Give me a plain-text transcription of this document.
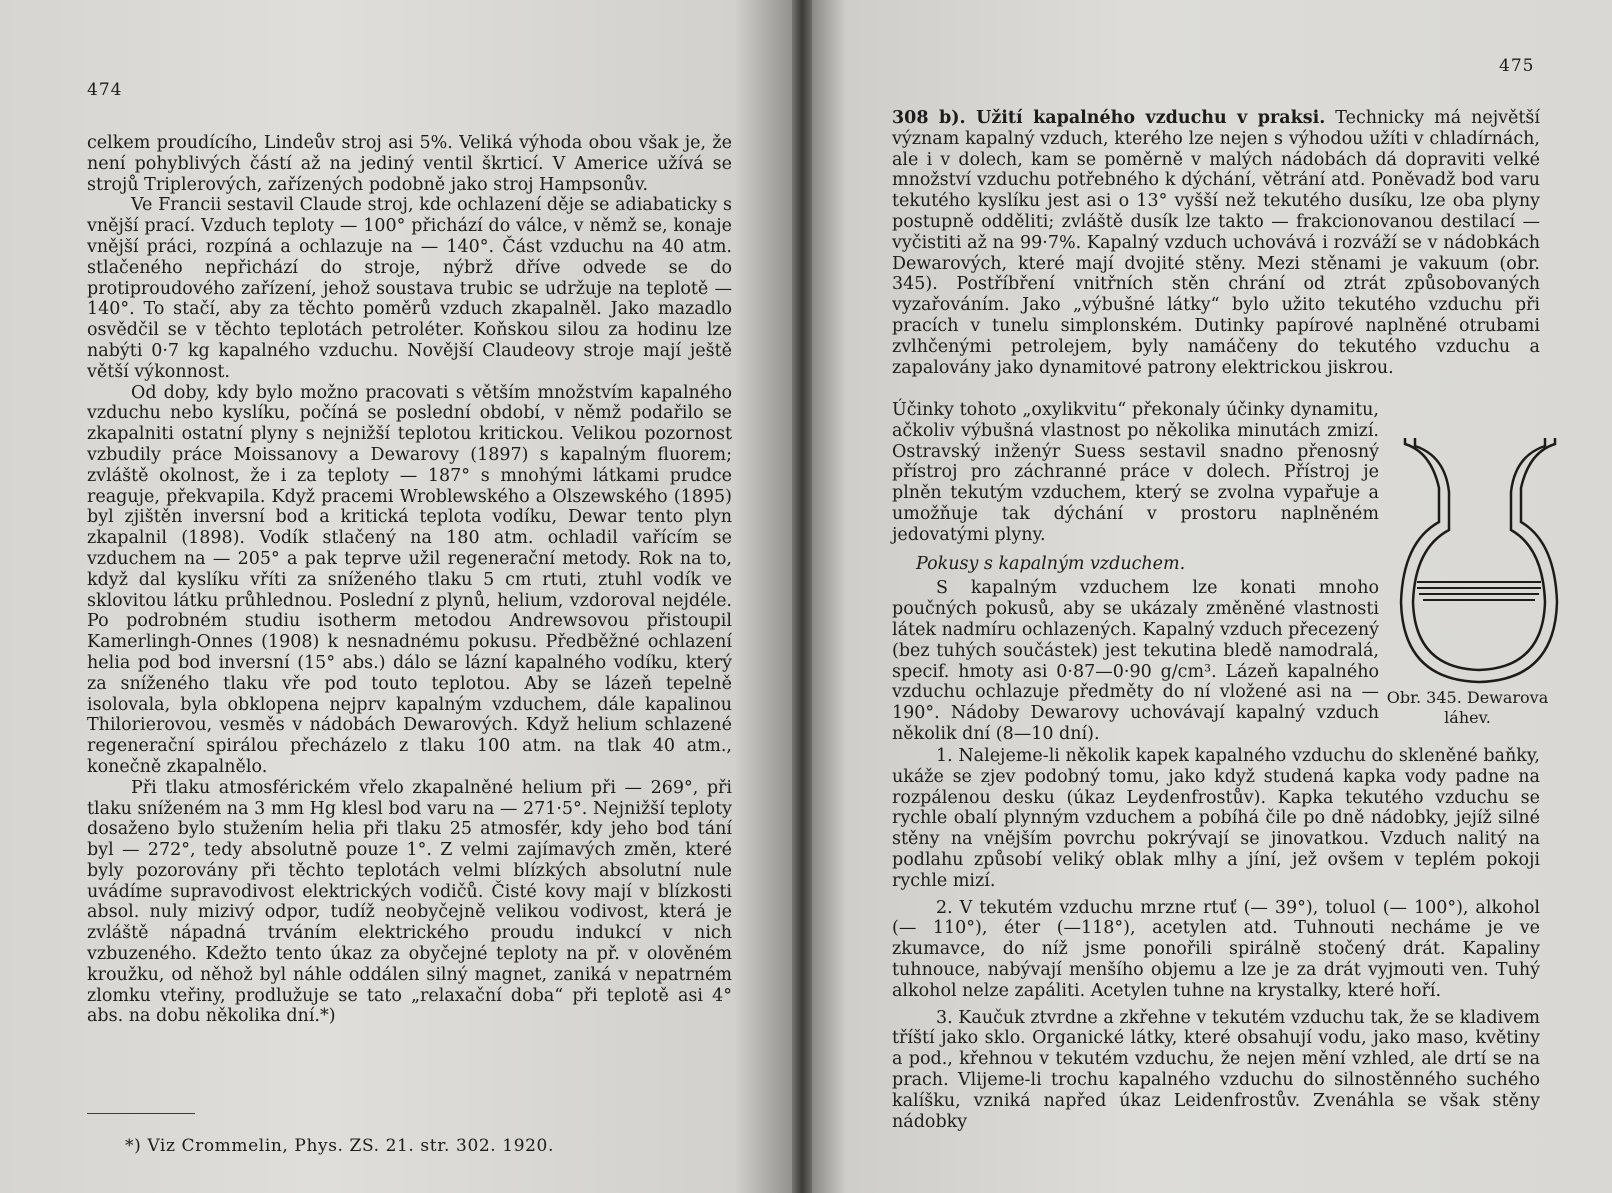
474

celkem proudícího, Lindeův stroj asi 5%. Veliká výhoda obou však je, že není pohyblivých částí až na jediný ventil škrticí. V Americe užívá se strojů Triplerových, zařízených podobně jako stroj Hampsonův.

Ve Francii sestavil Claude stroj, kde ochlazení děje se adiabaticky s vnější prací. Vzduch teploty — 100° přichází do válce, v němž se, konaje vnější práci, rozpíná a ochlazuje na — 140°. Část vzduchu na 40 atm. stlačeného nepřichází do stroje, nýbrž dříve odvede se do protiproudového zařízení, jehož soustava trubic se udržuje na teplotě — 140°. To stačí, aby za těchto poměrů vzduch zkapalněl. Jako mazadlo osvědčil se v těchto teplotách petroléter. Koňskou silou za hodinu lze nabýti 0·7 kg kapalného vzduchu. Novější Claudeovy stroje mají ještě větší výkonnost.

Od doby, kdy bylo možno pracovati s větším množstvím kapalného vzduchu nebo kyslíku, počíná se poslední období, v němž podařilo se zkapalniti ostatní plyny s nejnižší teplotou kritickou. Velikou pozornost vzbudily práce Moissanovy a Dewarovy (1897) s kapalným fluorem; zvláště okolnost, že i za teploty — 187° s mnohými látkami prudce reaguje, překvapila. Když pracemi Wroblewského a Olszewského (1895) byl zjištěn inversní bod a kritická teplota vodíku, Dewar tento plyn zkapalnil (1898). Vodík stlačený na 180 atm. ochladil vařícím se vzduchem na — 205° a pak teprve užil regenerační metody. Rok na to, když dal kyslíku vříti za sníženého tlaku 5 cm rtuti, ztuhl vodík ve sklovitou látku průhlednou. Poslední z plynů, helium, vzdoroval nejdéle. Po podrobném studiu isotherm metodou Andrewsovou přistoupil Kamerlingh-Onnes (1908) k nesnadnému pokusu. Předběžné ochlazení helia pod bod inversní (15° abs.) dálo se lázní kapalného vodíku, který za sníženého tlaku vře pod touto teplotou. Aby se lázeň tepelně isolovala, byla obklopena nejprv kapalným vzduchem, dále kapalinou Thilorierovou, vesměs v nádobách Dewarových. Když helium schlazené regenerační spirálou přecházelo z tlaku 100 atm. na tlak 40 atm., konečně zkapalnělo.

Při tlaku atmosférickém vřelo zkapalněné helium při — 269°, při tlaku sníženém na 3 mm Hg klesl bod varu na — 271·5°. Nejnižší teploty dosaženo bylo stužením helia při tlaku 25 atmosfér, kdy jeho bod tání byl — 272°, tedy absolutně pouze 1°. Z velmi zajímavých změn, které byly pozorovány při těchto teplotách velmi blízkých absolutní nule uvádíme supravodivost elektrických vodičů. Čisté kovy mají v blízkosti absol. nuly mizivý odpor, tudíž neobyčejně velikou vodivost, která je zvláště nápadná trváním elektrického proudu indukcí v nich vzbuzeného. Kdežto tento úkaz za obyčejné teploty na př. v olověném kroužku, od něhož byl náhle oddálen silný magnet, zaniká v nepatrném zlomku vteřiny, prodlužuje se tato „relaxační doba“ při teplotě asi 4° abs. na dobu několika dní.*)

*) Viz Crommelin, Phys. ZS. 21. str. 302. 1920.
475

308 b). Užití kapalného vzduchu v praksi. Technicky má největší význam kapalný vzduch, kterého lze nejen s výhodou užíti v chladírnách, ale i v dolech, kam se poměrně v malých nádobách dá dopraviti velké množství vzduchu potřebného k dýchání, větrání atd. Poněvadž bod varu tekutého kyslíku jest asi o 13° vyšší než tekutého dusíku, lze oba plyny postupně odděliti; zvláště dusík lze takto — frakcionovanou destilací — vyčistiti až na 99·7%. Kapalný vzduch uchovává i rozváží se v nádobkách Dewarových, které mají dvojité stěny. Mezi stěnami je vakuum (obr. 345). Postříbření vnitřních stěn chrání od ztrát způsobovaných vyzařováním. Jako „výbušné látky“ bylo užito tekutého vzduchu při pracích v tunelu simplonském. Dutinky papírové naplněné otrubami zvlhčenými petrolejem, byly namáčeny do tekutého vzduchu a zapalovány jako dynamitové patrony elektrickou jiskrou.

Účinky tohoto „oxylikvitu“ překonaly účinky dynamitu, ačkoliv výbušná vlastnost po několika minutách zmizí. Ostravský inženýr Suess sestavil snadno přenosný přístroj pro záchranné práce v dolech. Přístroj je plněn tekutým vzduchem, který se zvolna vypařuje a umožňuje tak dýchání v prostoru naplněném jedovatými plyny.

Pokusy s kapalným vzduchem.

S kapalným vzduchem lze konati mnoho poučných pokusů, aby se ukázaly změněné vlastnosti látek nadmíru ochlazených. Kapalný vzduch přecezený (bez tuhých součástek) jest tekutina bledě namodralá, specif. hmoty asi 0·87—0·90 g/cm³. Lázeň kapalného vzduchu ochlazuje předměty do ní vložené asi na — 190°. Nádoby Dewarovy uchovávají kapalný vzduch několik dní (8—10 dní).

Obr. 345. Dewarova láhev.

1. Nalejeme-li několik kapek kapalného vzduchu do skleněné baňky, ukáže se zjev podobný tomu, jako když studená kapka vody padne na rozpálenou desku (úkaz Leydenfrostův). Kapka tekutého vzduchu se rychle obalí plynným vzduchem a pobíhá čile po dně nádobky, jejíž silné stěny na vnějším povrchu pokrývají se jinovatkou. Vzduch nalitý na podlahu způsobí veliký oblak mlhy a jíní, jež ovšem v teplém pokoji rychle mizí.

2. V tekutém vzduchu mrzne rtuť (— 39°), toluol (— 100°), alkohol (— 110°), éter (—118°), acetylen atd. Tuhnouti necháme je ve zkumavce, do níž jsme ponořili spirálně stočený drát. Kapaliny tuhnouce, nabývají menšího objemu a lze je za drát vyjmouti ven. Tuhý alkohol nelze zapáliti. Acetylen tuhne na krystalky, které hoří.

3. Kaučuk ztvrdne a zkřehne v tekutém vzduchu tak, že se kladivem tříští jako sklo. Organické látky, které obsahují vodu, jako maso, květiny a pod., křehnou v tekutém vzduchu, že nejen mění vzhled, ale drtí se na prach. Vlijeme-li trochu kapalného vzduchu do silnostěnného suchého kalíšku, vzniká napřed úkaz Leidenfrostův. Zvenáhla se však stěny nádobky
